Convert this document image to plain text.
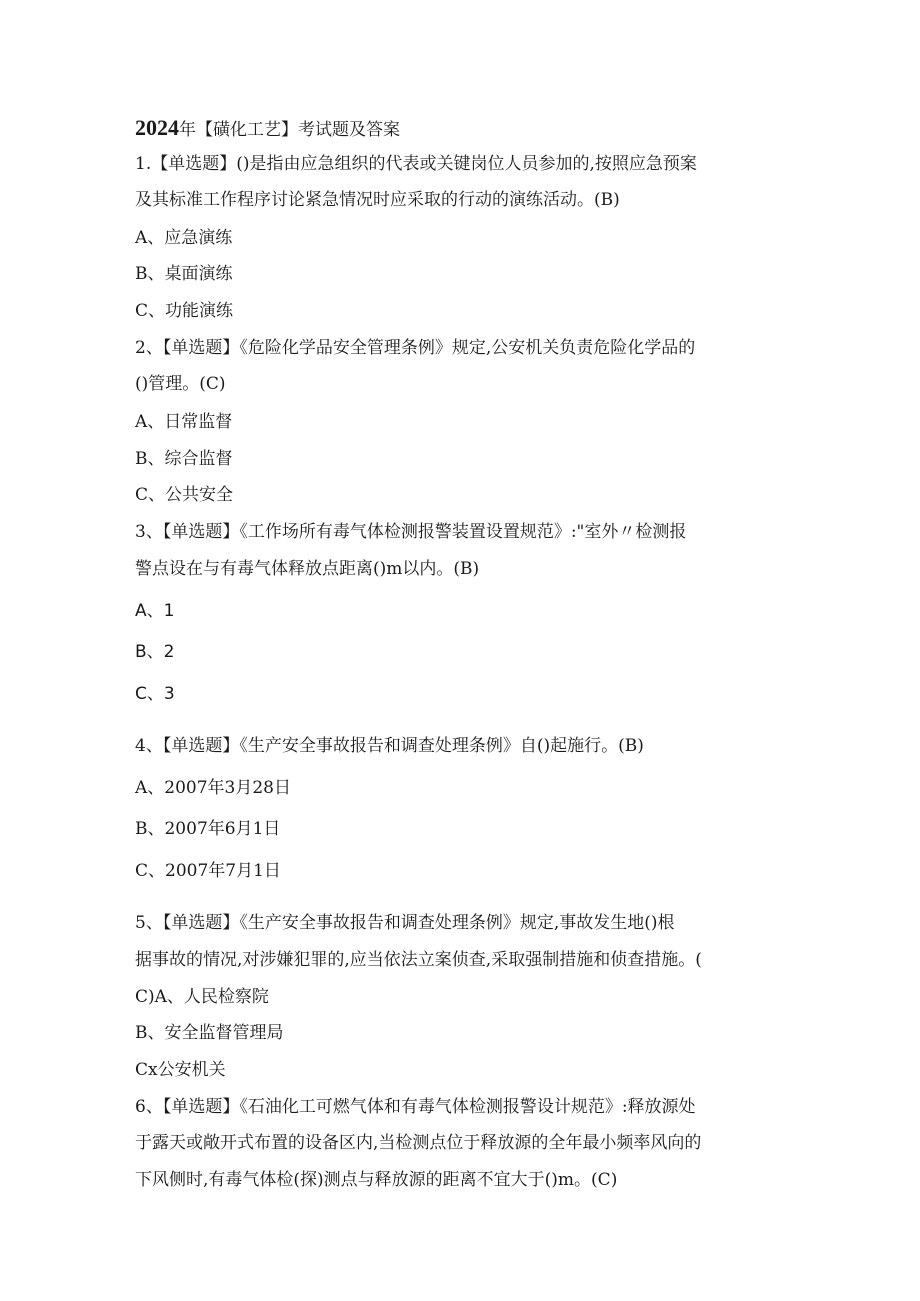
2024年【磺化工艺】考试题及答案
1.【单选题】()是指由应急组织的代表或关键岗位人员参加的,按照应急预案
及其标准工作程序讨论紧急情况时应采取的行动的演练活动。(B)
A、应急演练
B、桌面演练
C、功能演练
2、【单选题】《危险化学品安全管理条例》规定,公安机关负责危险化学品的
()管理。(C)
A、日常监督
B、综合监督
C、公共安全
3、【单选题】《工作场所有毒气体检测报警装置设置规范》:"室外〃检测报
警点设在与有毒气体释放点距离()m以内。(B)
A、1
B、2
C、3
4、【单选题】《生产安全事故报告和调查处理条例》自()起施行。(B)
A、2007年3月28日
B、2007年6月1日
C、2007年7月1日
5、【单选题】《生产安全事故报告和调查处理条例》规定,事故发生地()根
据事故的情况,对涉嫌犯罪的,应当依法立案侦查,采取强制措施和侦查措施。(
C)A、人民检察院
B、安全监督管理局
Cx公安机关
6、【单选题】《石油化工可燃气体和有毒气体检测报警设计规范》:释放源处
于露天或敞开式布置的设备区内,当检测点位于释放源的全年最小频率风向的
下风侧时,有毒气体检(探)测点与释放源的距离不宜大于()m。(C)
